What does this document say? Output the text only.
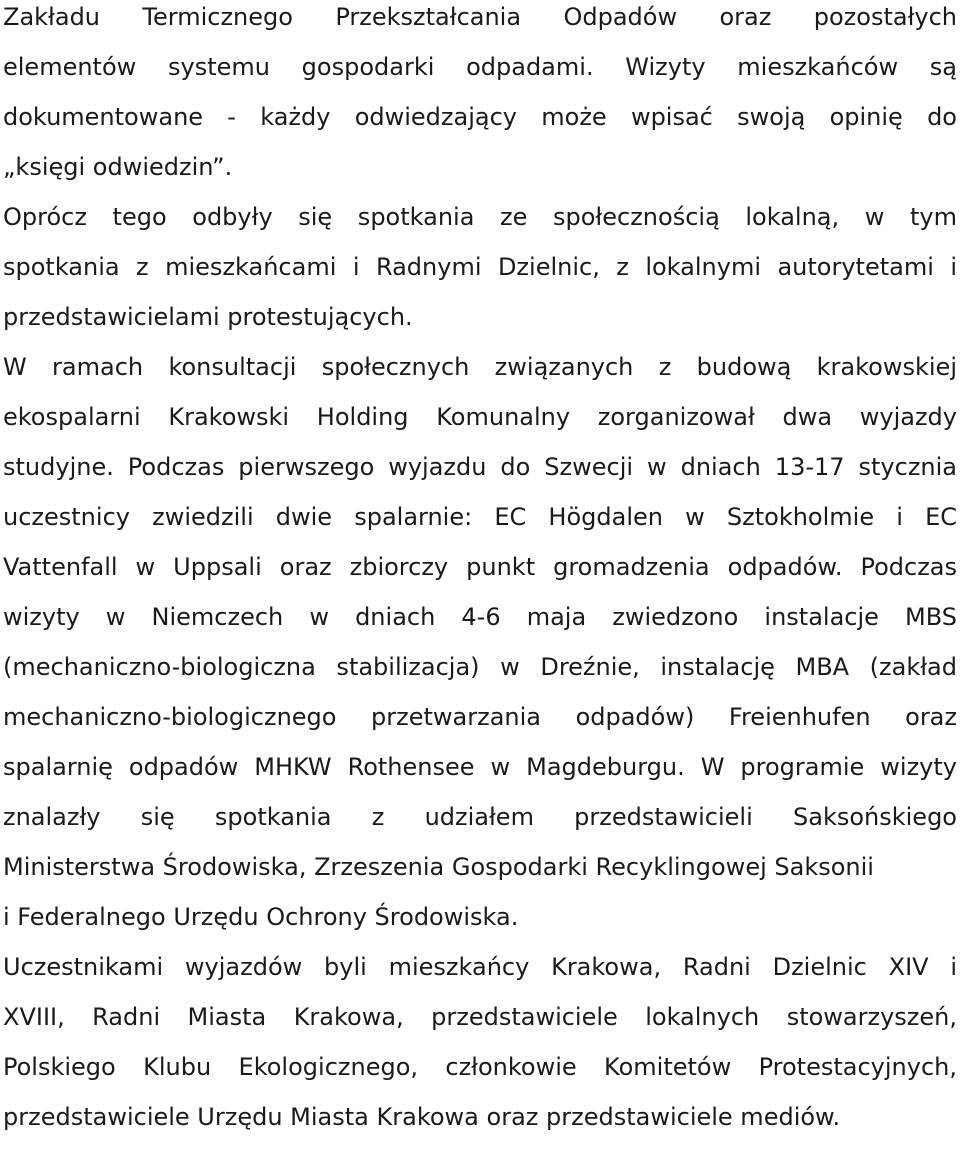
Zakładu Termicznego Przekształcania Odpadów oraz pozostałych
elementów systemu gospodarki odpadami. Wizyty mieszkańców są
dokumentowane - każdy odwiedzający może wpisać swoją opinię do
„księgi odwiedzin”.
Oprócz tego odbyły się spotkania ze społecznością lokalną, w tym
spotkania z mieszkańcami i Radnymi Dzielnic, z lokalnymi autorytetami i
przedstawicielami protestujących.
W ramach konsultacji społecznych związanych z budową krakowskiej
ekospalarni Krakowski Holding Komunalny zorganizował dwa wyjazdy
studyjne. Podczas pierwszego wyjazdu do Szwecji w dniach 13-17 stycznia
uczestnicy zwiedzili dwie spalarnie: EC Högdalen w Sztokholmie i EC
Vattenfall w Uppsali oraz zbiorczy punkt gromadzenia odpadów. Podczas
wizyty w Niemczech w dniach 4-6 maja zwiedzono instalacje MBS
(mechaniczno-biologiczna stabilizacja) w Dreźnie, instalację MBA (zakład
mechaniczno-biologicznego przetwarzania odpadów) Freienhufen oraz
spalarnię odpadów MHKW Rothensee w Magdeburgu. W programie wizyty
znalazły się spotkania z udziałem przedstawicieli Saksońskiego
Ministerstwa Środowiska, Zrzeszenia Gospodarki Recyklingowej Saksonii
i Federalnego Urzędu Ochrony Środowiska.
Uczestnikami wyjazdów byli mieszkańcy Krakowa, Radni Dzielnic XIV i
XVIII, Radni Miasta Krakowa, przedstawiciele lokalnych stowarzyszeń,
Polskiego Klubu Ekologicznego, członkowie Komitetów Protestacyjnych,
przedstawiciele Urzędu Miasta Krakowa oraz przedstawiciele mediów.
